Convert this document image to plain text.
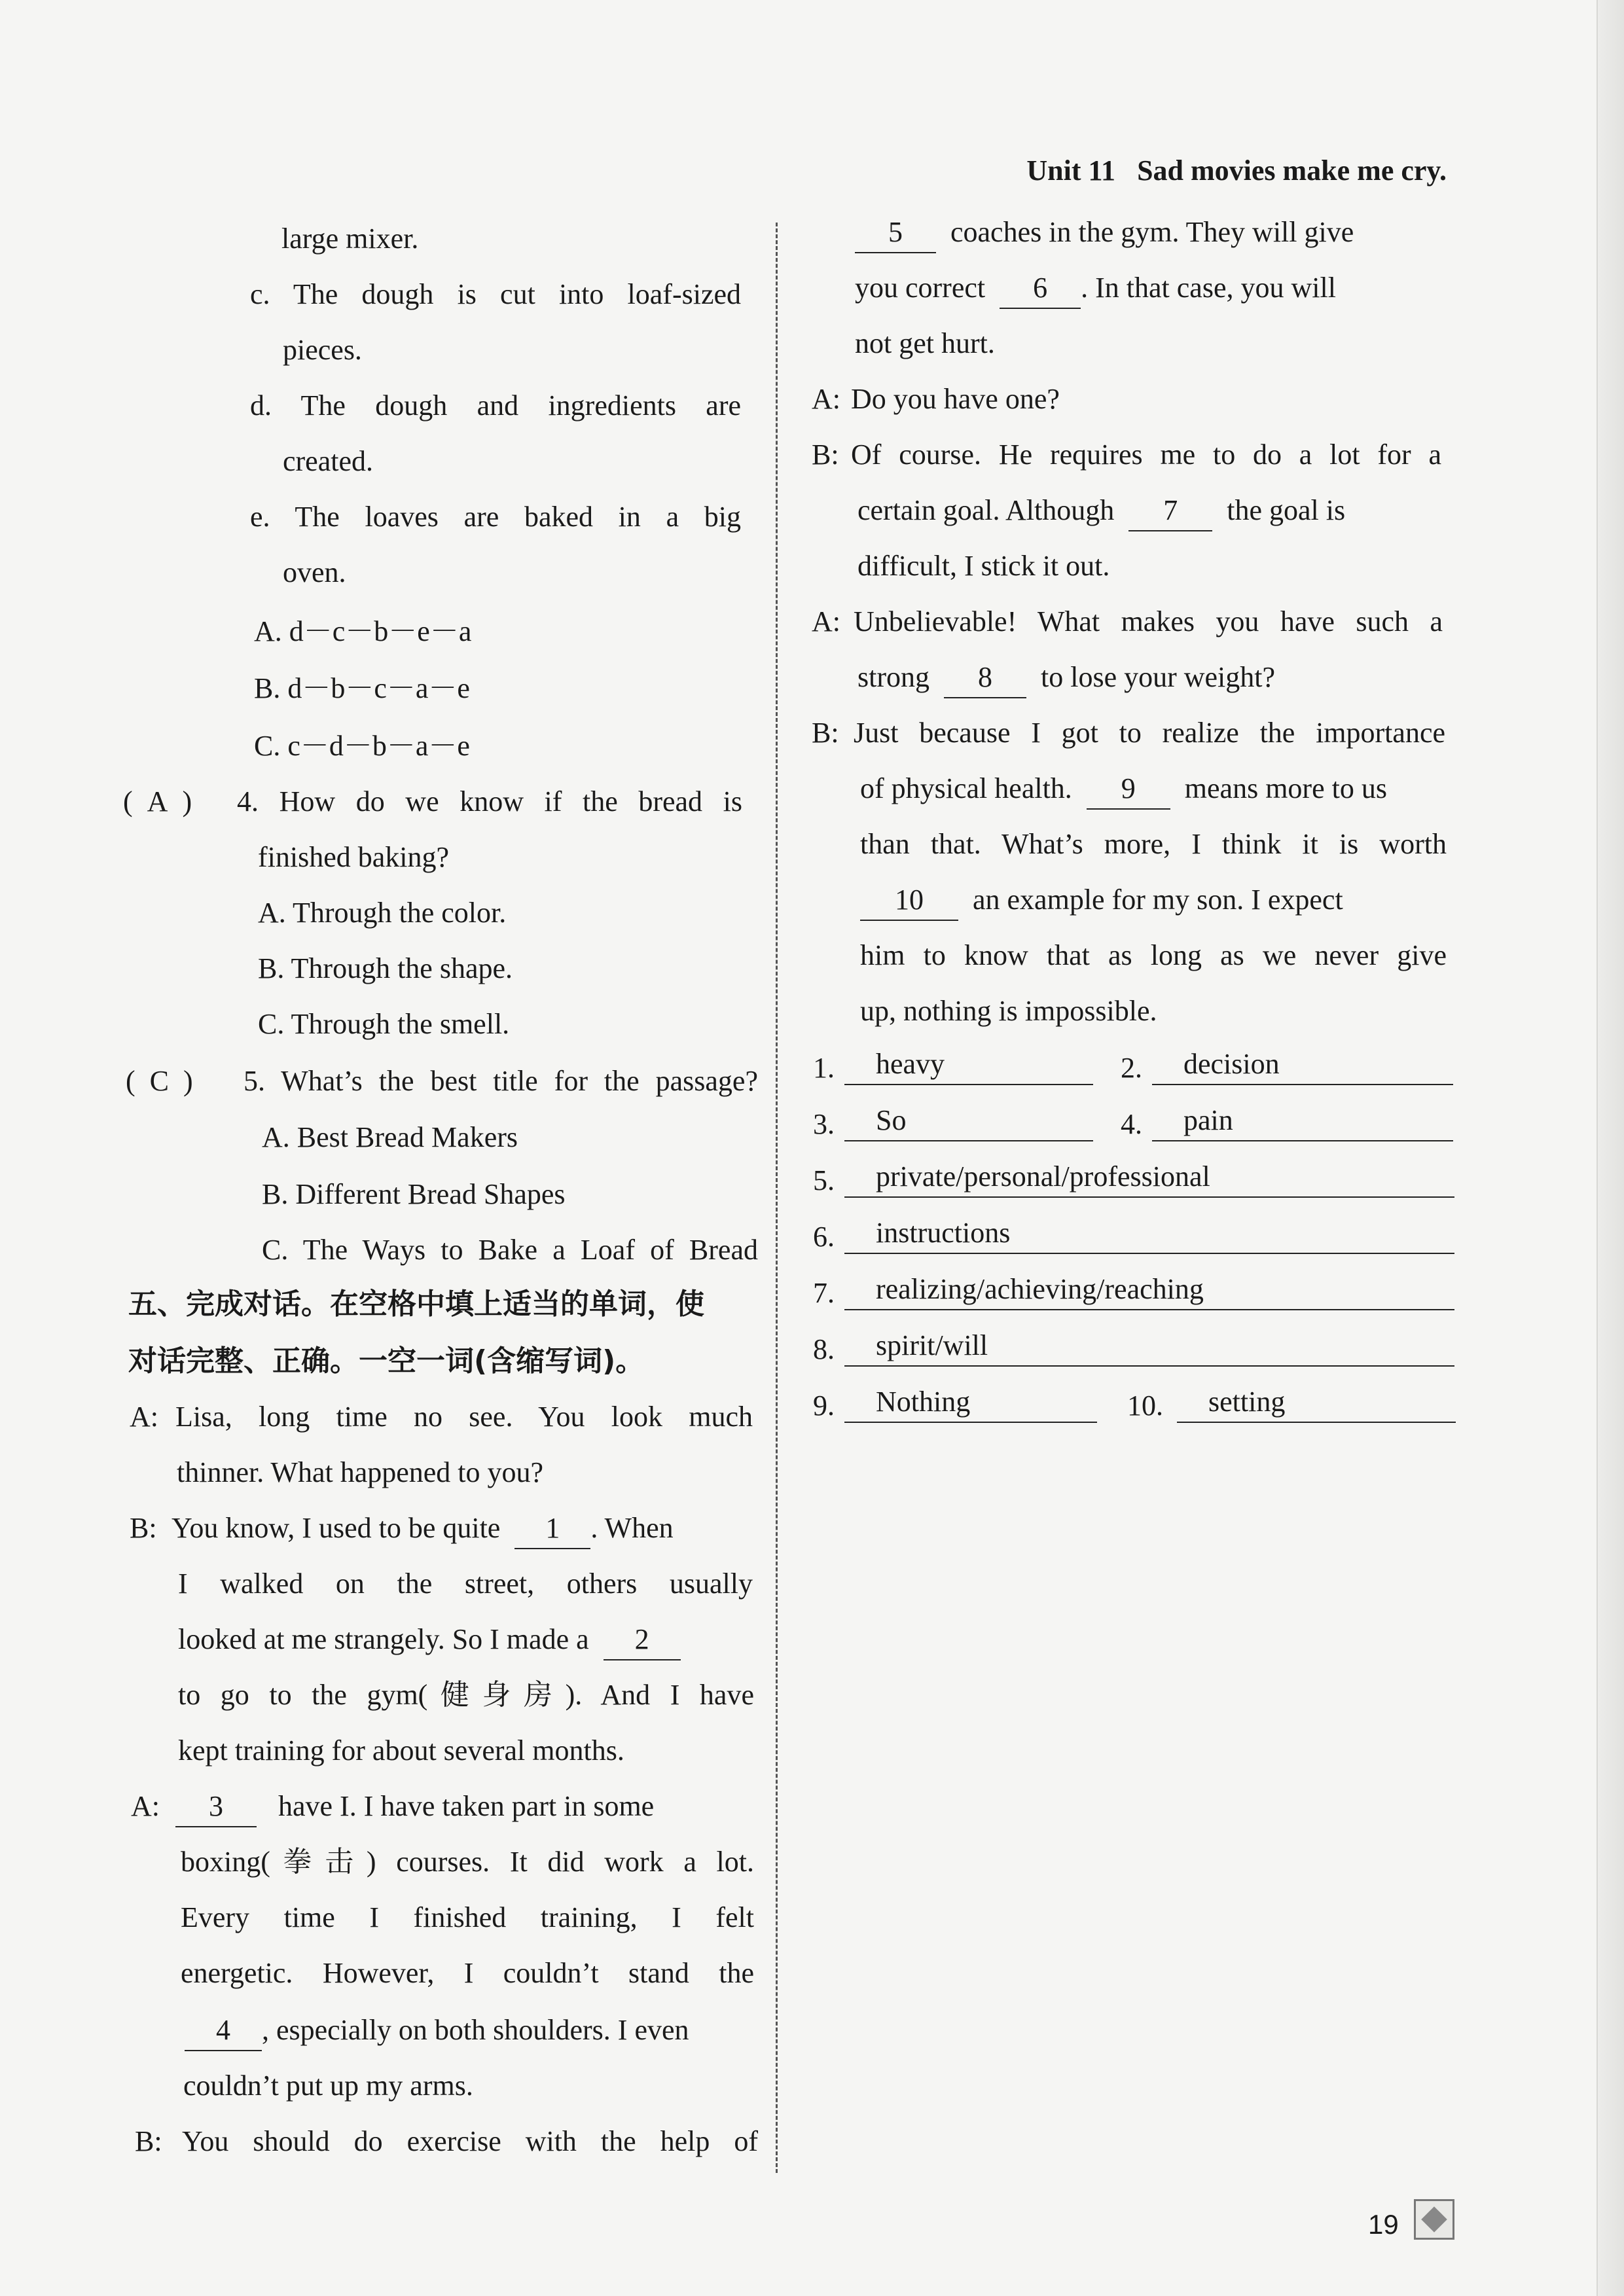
Unit 11 Sad movies make me cry.
large mixer.
c. The dough is cut into loaf-sized
pieces.
d. The dough and ingredients are
created.
e. The loaves are baked in a big
oven.
A. d－c－b－e－a
B. d－b－c－a－e
C. c－d－b－a－e
( A ) 4. How do we know if the bread is
finished baking?
A. Through the color.
B. Through the shape.
C. Through the smell.
( C ) 5. What’s the best title for the passage?
A. Best Bread Makers
B. Different Bread Shapes
C. The Ways to Bake a Loaf of Bread
五、完成对话。在空格中填上适当的单词，使
对话完整、正确。一空一词(含缩写词)。
A: Lisa, long time no see. You look much
thinner. What happened to you?
B: You know, I used to be quite 1 . When
I walked on the street, others usually
looked at me strangely. So I made a 2
to go to the gym(健身房). And I have
kept training for about several months.
A:	3 have I. I have taken part in some
boxing(拳击) courses. It did work a lot.
Every time I finished training, I felt
energetic. However, I couldn’t stand the
4 , especially on both shoulders. I even
couldn’t put up my arms.
B: You should do exercise with the help of
5 coaches in the gym. They will give
you correct 6 . In that case, you will
not get hurt.
A: Do you have one?
B: Of course. He requires me to do a lot for a
certain goal. Although 7 the goal is
difficult, I stick it out.
A: Unbelievable! What makes you have such a
strong 8 to lose your weight?
B: Just because I got to realize the importance
of physical health. 9 means more to us
than that. What’s more, I think it is worth
10 an example for my son. I expect
him to know that as long as we never give
up, nothing is impossible.
1.	heavy	2.	decision
3.	So	4.	pain
5.	private/personal/professional
6.	instructions
7.	realizing/achieving/reaching
8.	spirit/will
9.	Nothing	10.	setting
19
